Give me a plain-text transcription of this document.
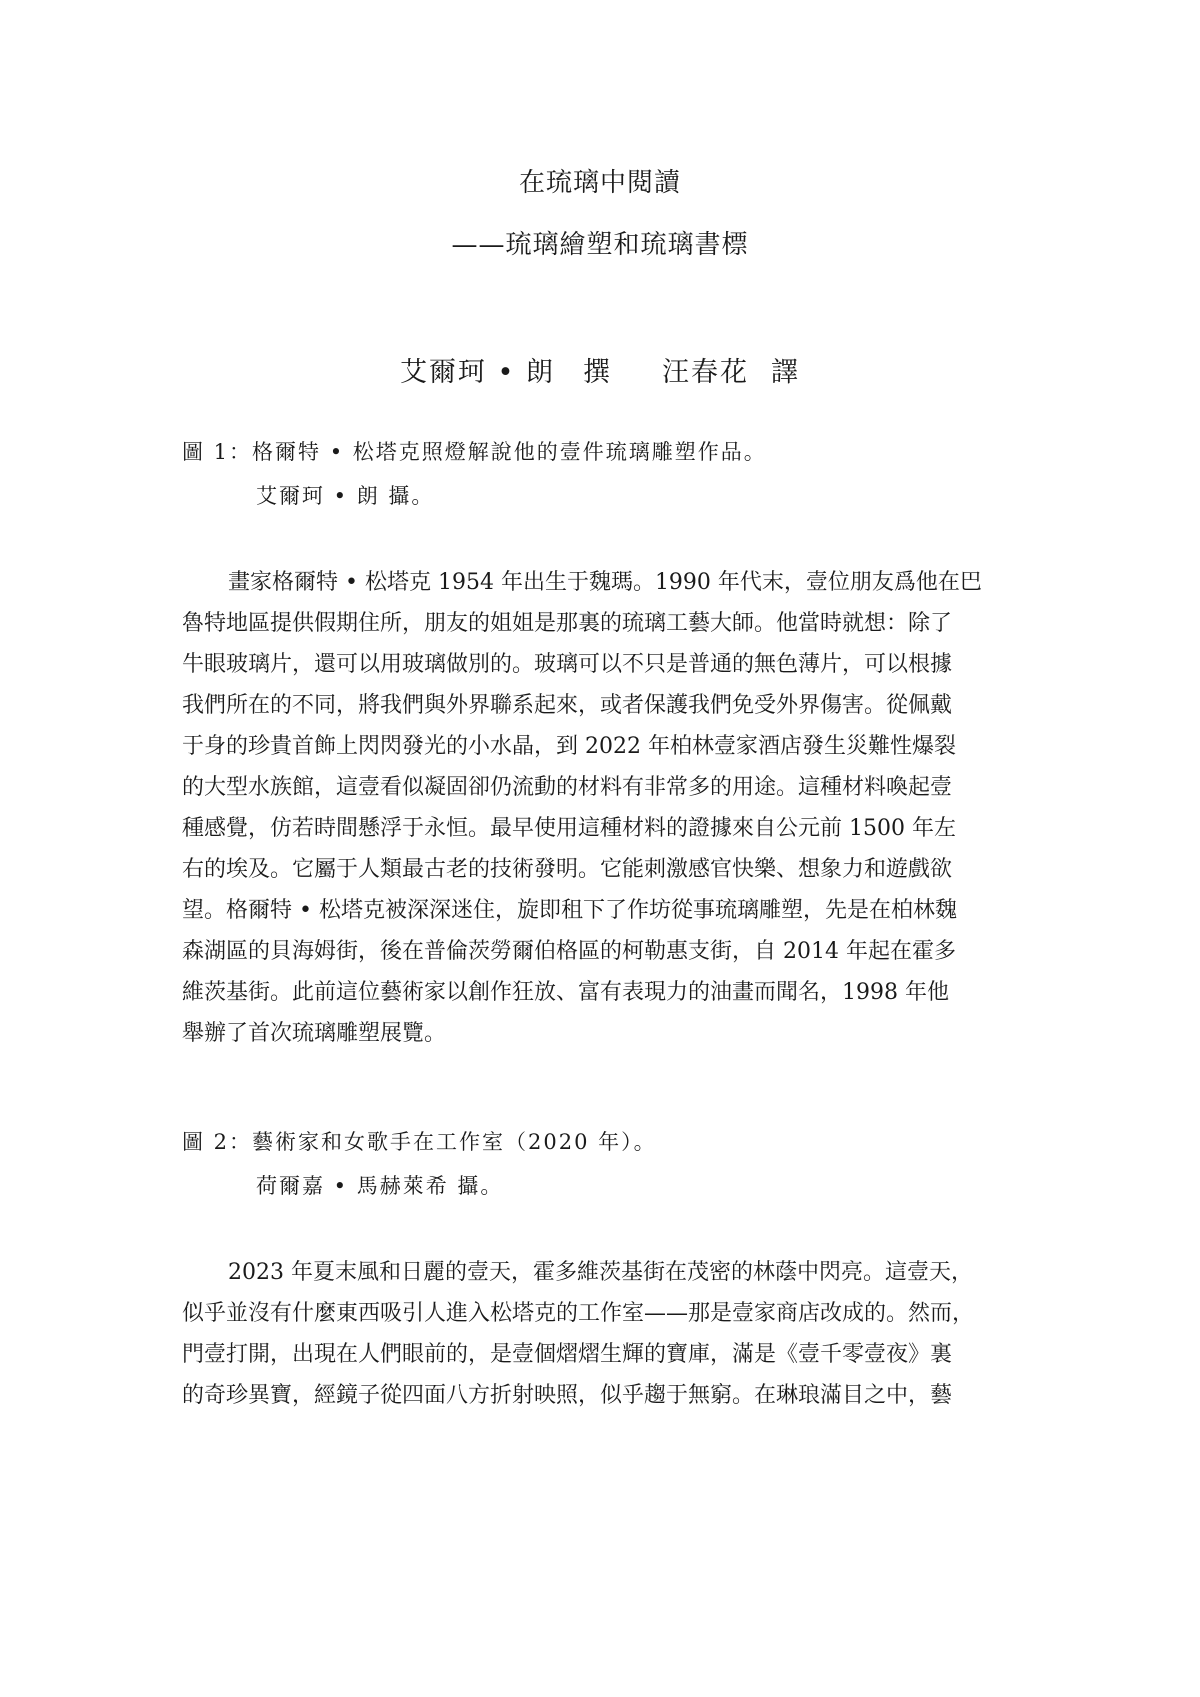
在琉璃中閱讀
——琉璃繪塑和琉璃書標
艾爾珂 • 朗 撰 汪春花 譯
圖 1：格爾特 • 松塔克照燈解說他的壹件琉璃雕塑作品。
艾爾珂 • 朗 攝。
畫家格爾特 • 松塔克 1954 年出生于魏瑪。1990 年代末，壹位朋友爲他在巴
魯特地區提供假期住所，朋友的姐姐是那裏的琉璃工藝大師。他當時就想：除了
牛眼玻璃片，還可以用玻璃做別的。玻璃可以不只是普通的無色薄片，可以根據
我們所在的不同，將我們與外界聯系起來，或者保護我們免受外界傷害。從佩戴
于身的珍貴首飾上閃閃發光的小水晶，到 2022 年柏林壹家酒店發生災難性爆裂
的大型水族館，這壹看似凝固卻仍流動的材料有非常多的用途。這種材料喚起壹
種感覺，仿若時間懸浮于永恒。最早使用這種材料的證據來自公元前 1500 年左
右的埃及。它屬于人類最古老的技術發明。它能刺激感官快樂、想象力和遊戲欲
望。格爾特 • 松塔克被深深迷住，旋即租下了作坊從事琉璃雕塑，先是在柏林魏
森湖區的貝海姆街，後在普倫茨勞爾伯格區的柯勒惠支街，自 2014 年起在霍多
維茨基街。此前這位藝術家以創作狂放、富有表現力的油畫而聞名，1998 年他
舉辦了首次琉璃雕塑展覽。
圖 2：藝術家和女歌手在工作室（2020 年）。
荷爾嘉 • 馬赫萊希 攝。
2023 年夏末風和日麗的壹天，霍多維茨基街在茂密的林蔭中閃亮。這壹天，
似乎並沒有什麼東西吸引人進入松塔克的工作室——那是壹家商店改成的。然而，
門壹打開，出現在人們眼前的，是壹個熠熠生輝的寶庫，滿是《壹千零壹夜》裏
的奇珍異寶，經鏡子從四面八方折射映照，似乎趨于無窮。在琳琅滿目之中，藝
